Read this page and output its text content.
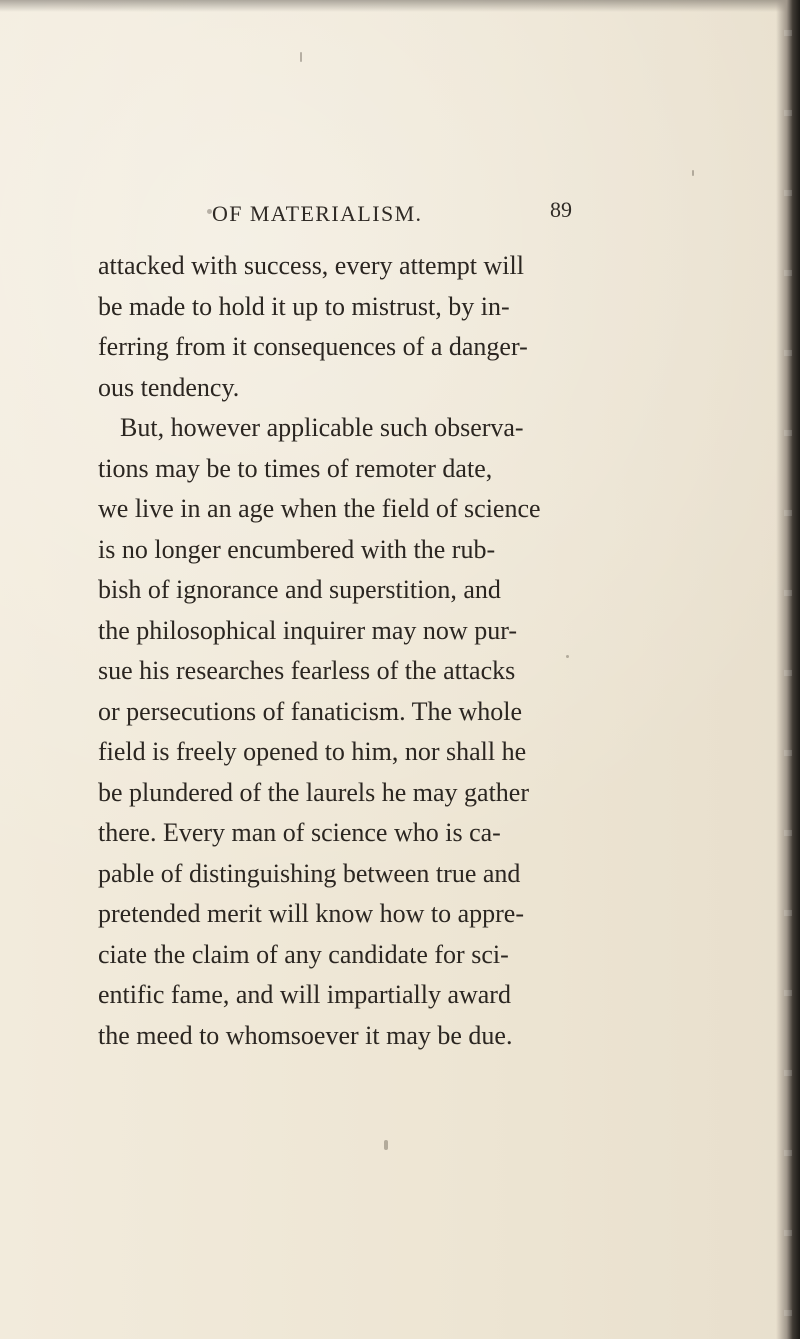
OF MATERIALISM.	89
attacked with success, every attempt will
be made to hold it up to mistrust, by in-
ferring from it consequences of a danger-
ous tendency.
But, however applicable such observa-
tions may be to times of remoter date,
we live in an age when the field of science
is no longer encumbered with the rub-
bish of ignorance and superstition, and
the philosophical inquirer may now pur-
sue his researches fearless of the attacks
or persecutions of fanaticism. The whole
field is freely opened to him, nor shall he
be plundered of the laurels he may gather
there. Every man of science who is ca-
pable of distinguishing between true and
pretended merit will know how to appre-
ciate the claim of any candidate for sci-
entific fame, and will impartially award
the meed to whomsoever it may be due.
